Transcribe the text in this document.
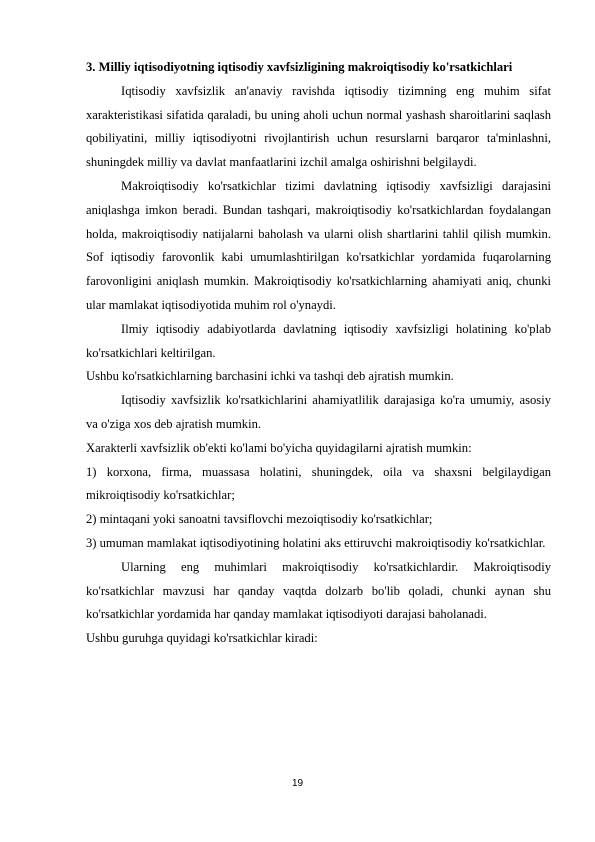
3. Milliy iqtisodiyotning iqtisodiy xavfsizligining makroiqtisodiy ko'rsatkichlari

Iqtisodiy xavfsizlik an'anaviy ravishda iqtisodiy tizimning eng muhim sifat xarakteristikasi sifatida qaraladi, bu uning aholi uchun normal yashash sharoitlarini saqlash qobiliyatini, milliy iqtisodiyotni rivojlantirish uchun resurslarni barqaror ta'minlashni, shuningdek milliy va davlat manfaatlarini izchil amalga oshirishni belgilaydi.

Makroiqtisodiy ko'rsatkichlar tizimi davlatning iqtisodiy xavfsizligi darajasini aniqlashga imkon beradi. Bundan tashqari, makroiqtisodiy ko'rsatkichlardan foydalangan holda, makroiqtisodiy natijalarni baholash va ularni olish shartlarini tahlil qilish mumkin. Sof iqtisodiy farovonlik kabi umumlashtirilgan ko'rsatkichlar yordamida fuqarolarning farovonligini aniqlash mumkin. Makroiqtisodiy ko'rsatkichlarning ahamiyati aniq, chunki ular mamlakat iqtisodiyotida muhim rol o'ynaydi.

Ilmiy iqtisodiy adabiyotlarda davlatning iqtisodiy xavfsizligi holatining ko'plab ko'rsatkichlari keltirilgan.

Ushbu ko'rsatkichlarning barchasini ichki va tashqi deb ajratish mumkin.

Iqtisodiy xavfsizlik ko'rsatkichlarini ahamiyatlilik darajasiga ko'ra umumiy, asosiy va o'ziga xos deb ajratish mumkin.

Xarakterli xavfsizlik ob'ekti ko'lami bo'yicha quyidagilarni ajratish mumkin:

1) korxona, firma, muassasa holatini, shuningdek, oila va shaxsni belgilaydigan mikroiqtisodiy ko'rsatkichlar;

2) mintaqani yoki sanoatni tavsiflovchi mezoiqtisodiy ko'rsatkichlar;

3) umuman mamlakat iqtisodiyotining holatini aks ettiruvchi makroiqtisodiy ko'rsatkichlar.

Ularning eng muhimlari makroiqtisodiy ko'rsatkichlardir. Makroiqtisodiy ko'rsatkichlar mavzusi har qanday vaqtda dolzarb bo'lib qoladi, chunki aynan shu ko'rsatkichlar yordamida har qanday mamlakat iqtisodiyoti darajasi baholanadi.

Ushbu guruhga quyidagi ko'rsatkichlar kiradi:

19
